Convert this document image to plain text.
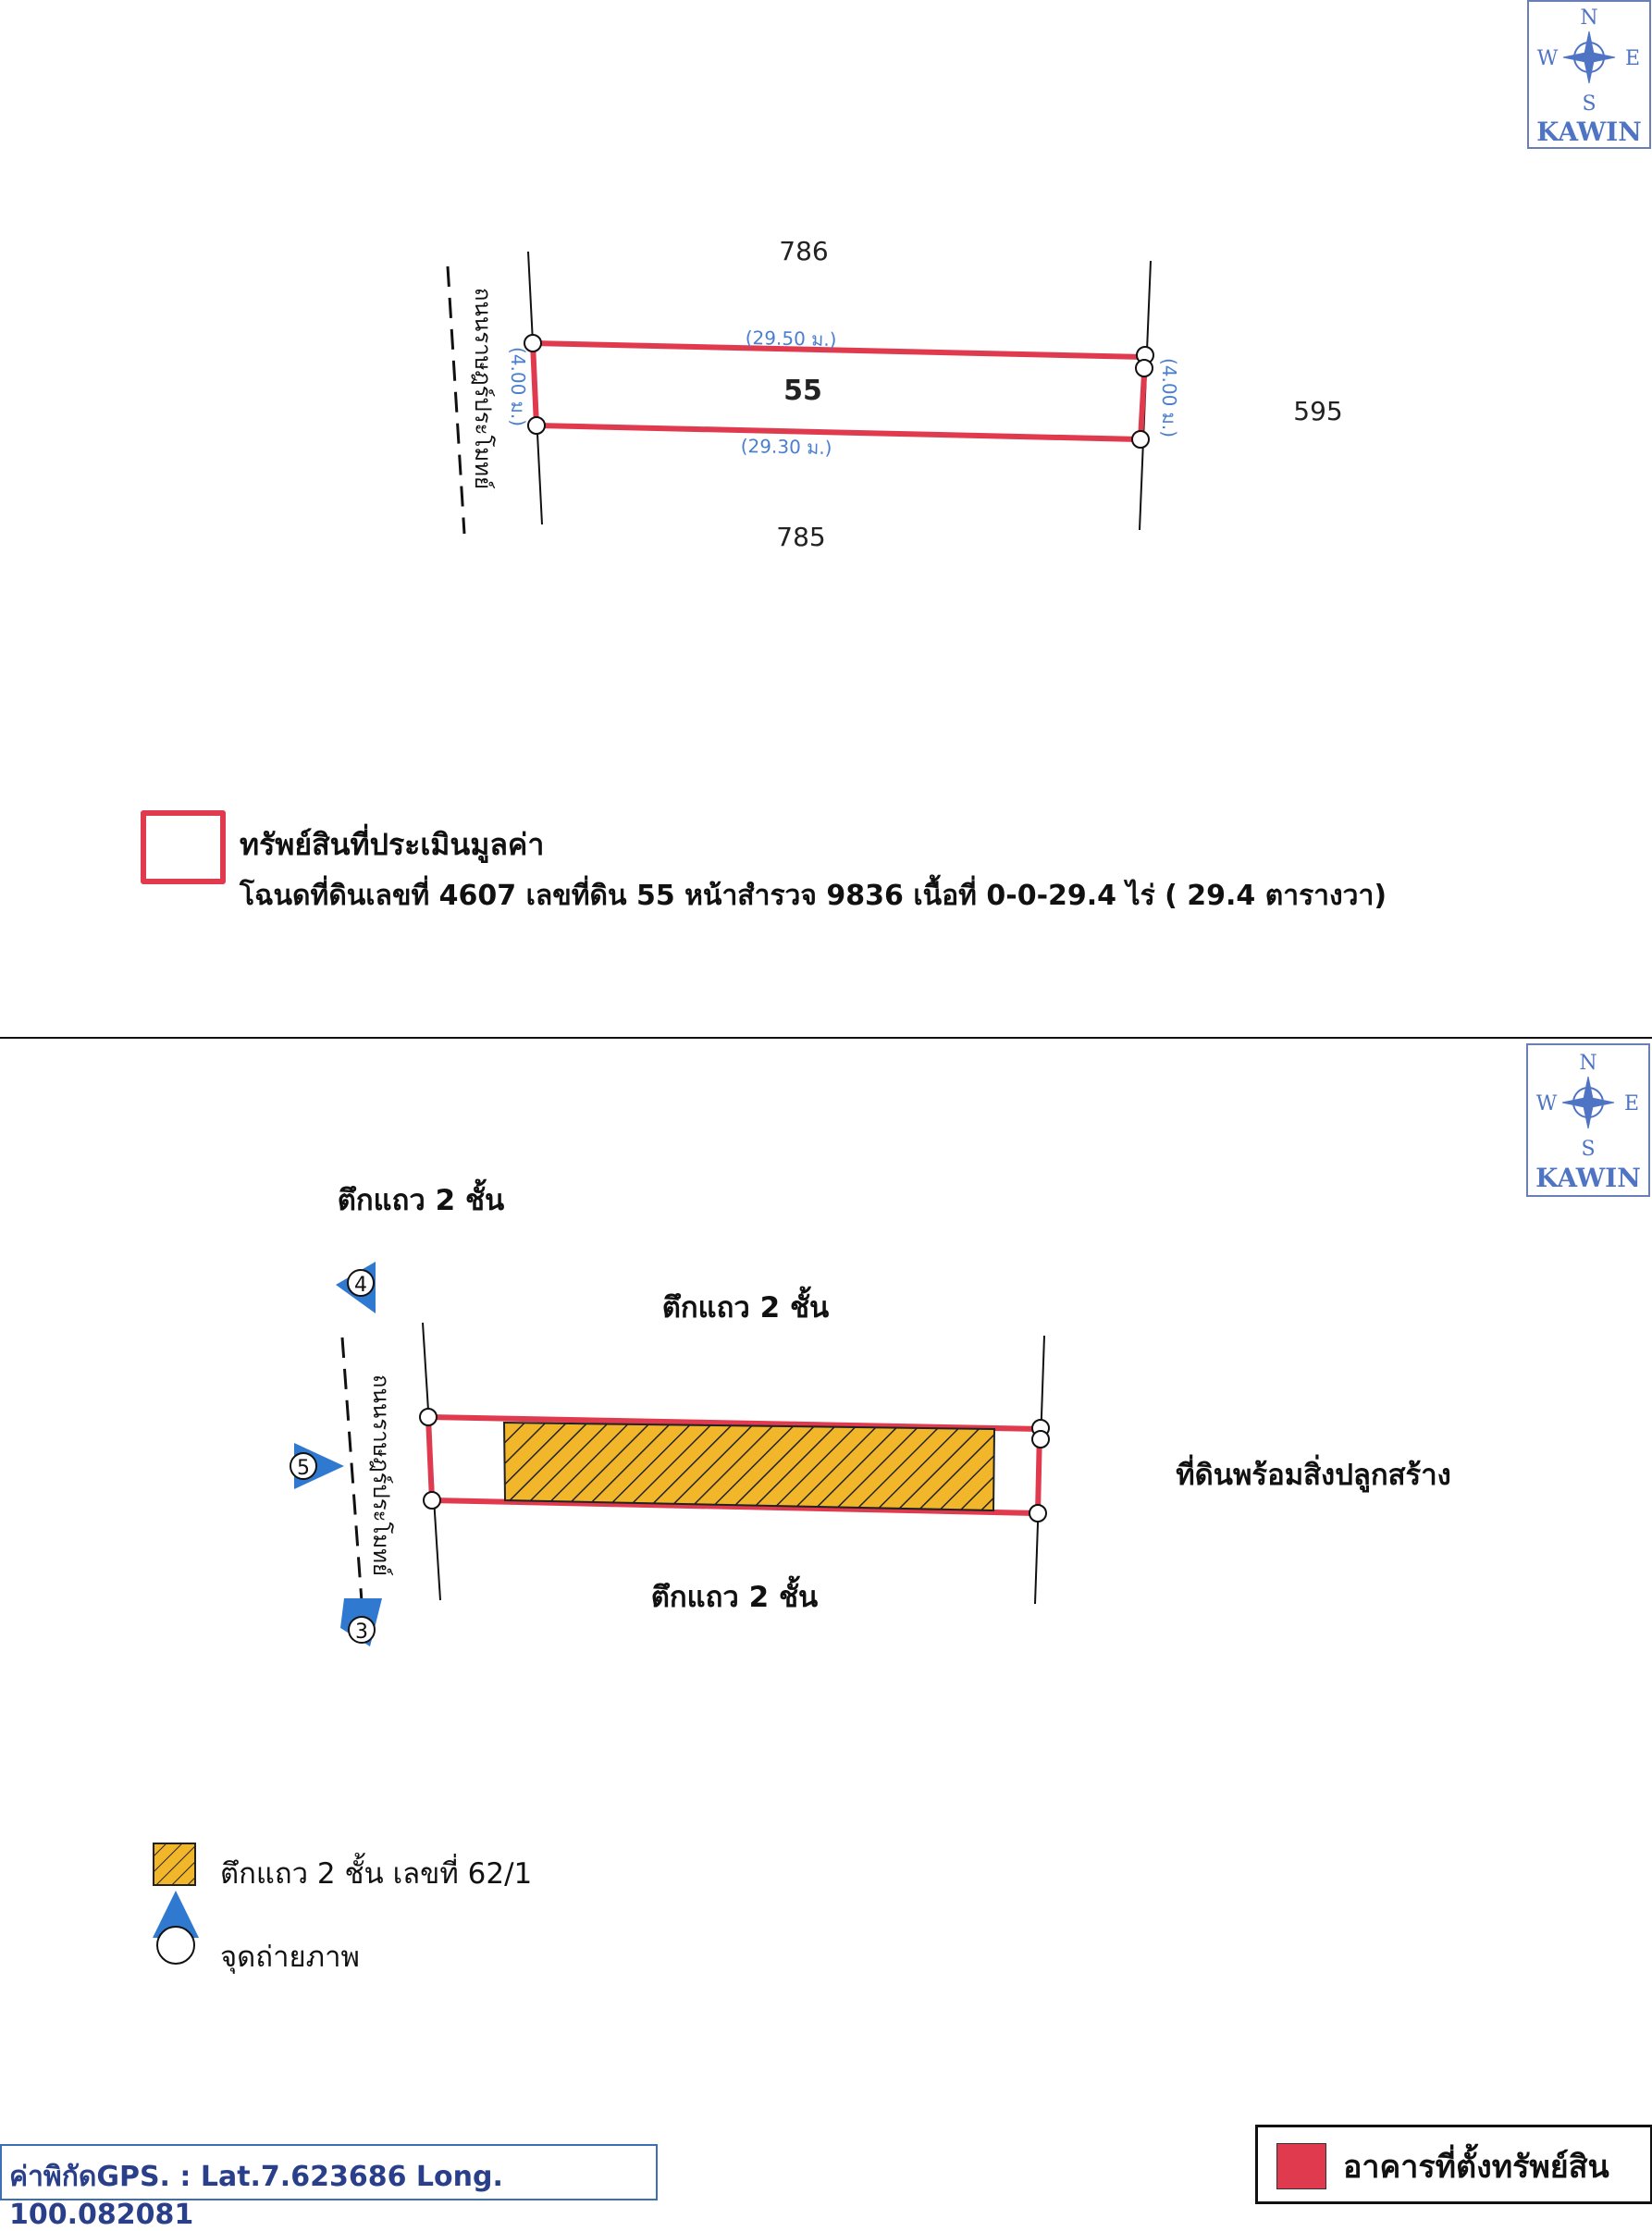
N
S
W	E
KAWIN
786
785
595
55
(29.50 ม.)
(29.30 ม.)
(4.00 ม.)	(4.00 ม.)
ถนนราษฎร์ประโมทย์
ทรัพย์สินที่ประเมินมูลค่า
โฉนดที่ดินเลขที่ 4607 เลขที่ดิน 55 หน้าสำรวจ 9836 เนื้อที่ 0-0-29.4 ไร่ ( 29.4 ตารางวา)
N
S
W	E
KAWIN
4
5
3
ตึกแถว 2 ชั้น
ตึกแถว 2 ชั้น
ตึกแถว 2 ชั้น
ที่ดินพร้อมสิ่งปลูกสร้าง
ถนนราษฎร์ประโมทย์
ตึกแถว 2 ชั้น เลขที่ 62/1
จุดถ่ายภาพ
ค่าพิกัดGPS. : Lat.7.623686 Long. 100.082081
อาคารที่ตั้งทรัพย์สิน
